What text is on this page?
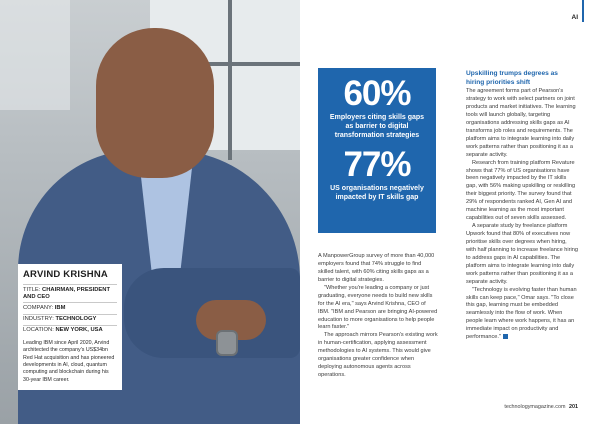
ARVIND KRISHNA
TITLE: CHAIRMAN, PRESIDENT AND CEO
COMPANY: IBM
INDUSTRY: TECHNOLOGY
LOCATION: NEW YORK, USA
Leading IBM since April 2020, Arvind architected the company's US$34bn Red Hat acquisition and has pioneered developments in AI, cloud, quantum computing and blockchain during his 30-year IBM career.
AI
60%
Employers citing skills gaps as barrier to digital transformation strategies
77%
US organisations negatively impacted by IT skills gap

A ManpowerGroup survey of more than 40,000 employers found that 74% struggle to find skilled talent, with 60% citing skills gaps as a barrier to digital strategies.

"Whether you're leading a company or just graduating, everyone needs to build new skills for the AI era," says Arvind Krishna, CEO of IBM. "IBM and Pearson are bringing AI-powered education to more organisations to help people learn faster."

The approach mirrors Pearson's existing work in human-certification, applying assessment methodologies to AI systems. This would give organisations greater confidence when deploying autonomous agents across operations.

Upskilling trumps degrees as hiring priorities shift

The agreement forms part of Pearson's strategy to work with select partners on joint products and market initiatives. The learning tools will launch globally, targeting organisations addressing skills gaps as AI transforms job roles and requirements. The platform aims to integrate learning into daily work patterns rather than positioning it as a separate activity.

Research from training platform Revature shows that 77% of US organisations have been negatively impacted by the IT skills gap, with 56% making upskilling or reskilling their biggest priority. The survey found that 29% of respondents ranked AI, Gen AI and machine learning as the most important capabilities out of seven skills assessed.

A separate study by freelance platform Upwork found that 80% of executives now prioritise skills over degrees when hiring, with half planning to increase freelance hiring to address gaps in AI capabilities. The platform aims to integrate learning into daily work patterns rather than positioning it as a separate activity.

"Technology is evolving faster than human skills can keep pace," Omar says. "To close this gap, learning must be embedded seamlessly into the flow of work. When people learn where work happens, it has an immediate impact on productivity and performance."

technologymagazine.com 201
